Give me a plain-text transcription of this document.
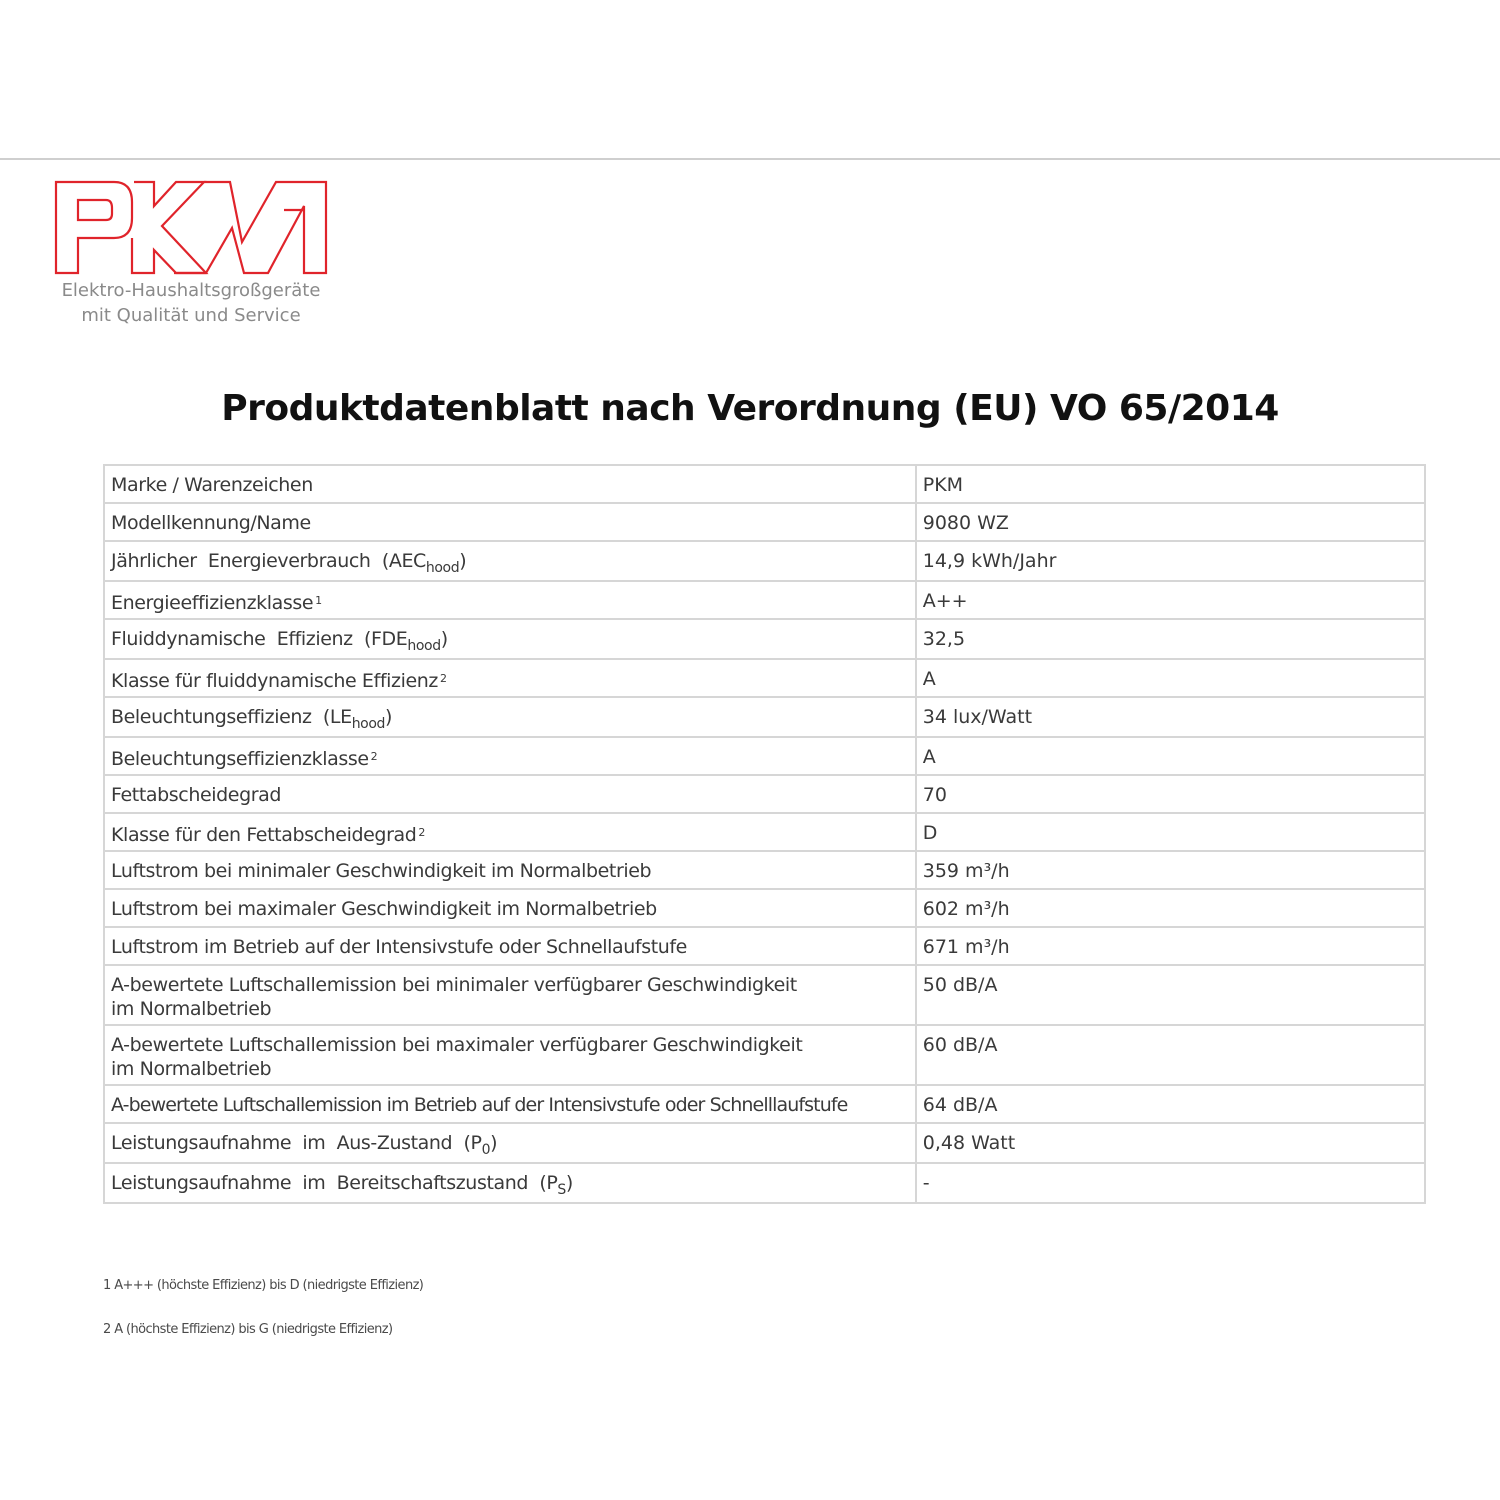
Elektro-Haushaltsgroßgeräte
mit Qualität und Service
Produktdatenblatt nach Verordnung (EU) VO 65/2014
Marke / Warenzeichen	PKM
Modellkennung/Name	9080 WZ
Jährlicher  Energieverbrauch  $(AEC_{hood})$	14,9 kWh/Jahr
Energieeffizienzklasse $^1$	A++
Fluiddynamische  Effizienz  $(FDE_{hood})$	32,5
Klasse für fluiddynamische Effizienz $^2$	A
Beleuchtungseffizienz  $(LE_{hood})$	34 lux/Watt
Beleuchtungseffizienzklasse $^2$	A
Fettabscheidegrad	70
Klasse für den Fettabscheidegrad $^2$	D
Luftstrom bei minimaler Geschwindigkeit im Normalbetrieb	359 m³/h
Luftstrom bei maximaler Geschwindigkeit im Normalbetrieb	602 m³/h
Luftstrom im Betrieb auf der Intensivstufe oder Schnellaufstufe	671 m³/h

A-bewertete Luftschallemission bei minimaler verfügbarer Geschwindigkeit
im Normalbetrieb	50 dB/A

A-bewertete Luftschallemission bei maximaler verfügbarer Geschwindigkeit
im Normalbetrieb	60 dB/A
A-bewertete Luftschallemission im Betrieb auf der Intensivstufe oder Schnelllaufstufe	64 dB/A
Leistungsaufnahme  im  Aus-Zustand  $(P_0)$	0,48 Watt
Leistungsaufnahme  im  Bereitschaftszustand  $(P_S)$	-
1 A+++ (höchste Effizienz) bis D (niedrigste Effizienz)
2 A (höchste Effizienz) bis G (niedrigste Effizienz)
